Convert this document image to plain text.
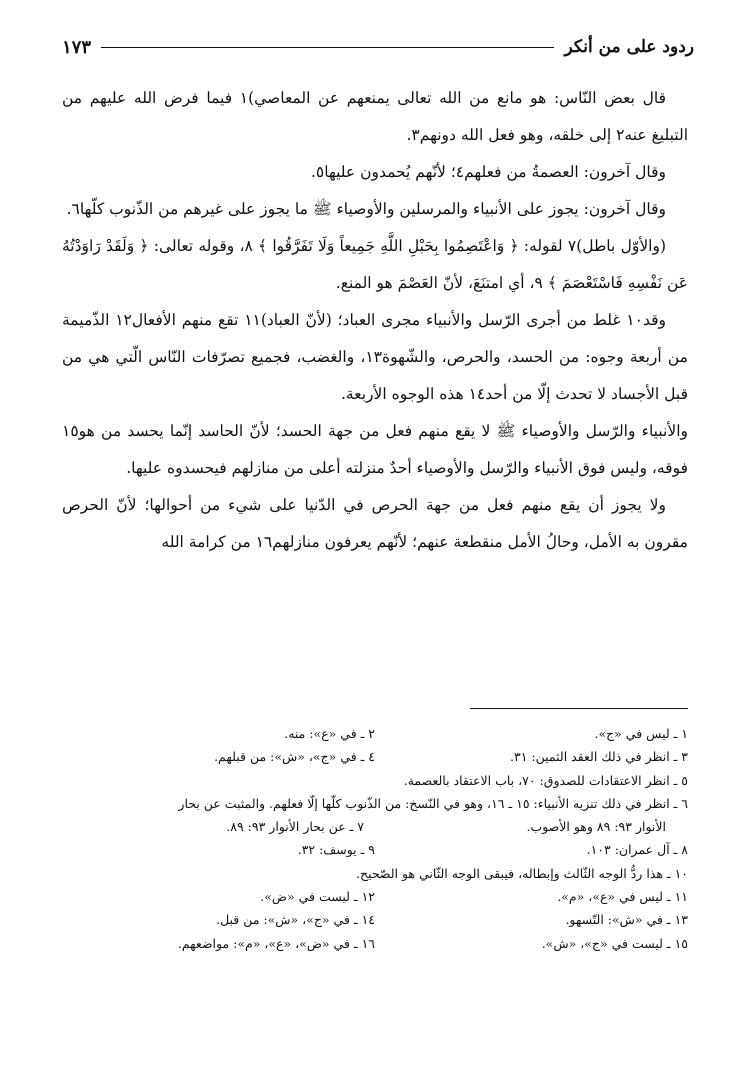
ردود على من أنكر
١٧٣

قال بعض النّاس: هو مانع من الله تعالى يمنعهم عن المعاصي)١ فيما فرض الله عليهم من التبليغ عنه٢ إلى خلقه، وهو فعل الله دونهم٣.

وقال آخرون: العصمةُ من فعلهم٤؛ لأنّهم يُحمدون عليها٥.

وقال آخرون: يجوز على الأنبياء والمرسلين والأوصياء ﷺ ما يجوز على غيرهم من الذّنوب كلّها٦.

(والأوّل باطل)٧ لقوله: ﴿ وَاعْتَصِمُوا بِحَبْلِ اللَّهِ جَمِيعاً وَلَا تَفَرَّقُوا ﴾ ٨، وقوله تعالى: ﴿ وَلَقَدْ رَاوَدْتُهُ عَن نَفْسِهِ فَاسْتَعْصَمَ ﴾ ٩، أي امتنَعَ، لأنّ العَصْمَ هو المنع.

وقد١٠ غلط من أجرى الرّسل والأنبياء مجرى العباد؛ (لأنّ العباد)١١ تقع منهم الأفعال١٢ الذّميمة من أربعة وجوه: من الحسد، والحرص، والشّهوة١٣، والغضب، فجميع تصرّفات النّاس الّتي هي من قبل الأجساد لا تحدث إلّا من أحد١٤ هذه الوجوه الأربعة.

والأنبياء والرّسل والأوصياء ﷺ لا يقع منهم فعل من جهة الحسد؛ لأنّ الحاسد إنّما يحسد من هو١٥ فوقه، وليس فوق الأنبياء والرّسل والأوصياء أحدٌ منزلته أعلى من منازلهم فيحسدوه عليها.

ولا يجوز أن يقع منهم فعل من جهة الحرص في الدّنيا على شيء من أحوالها؛ لأنّ الحرص مقرون به الأمل، وحالُ الأمل منقطعة عنهم؛ لأنّهم يعرفون منازلهم١٦ من كرامة الله

١ ـ ليس في «ج».
٢ ـ في «ع»: منه.
٣ ـ انظر في ذلك العقد الثمين: ٣١.
٤ ـ في «ج»، «ش»: من قبلهم.
٥ ـ انظر الاعتقادات للصدوق: ٧٠، باب الاعتقاد بالعصمة.
٦ ـ انظر في ذلك تنزيه الأنبياء: ١٥ ـ ١٦، وهو في النّسخ: من الذّنوب كلّها إلّا فعلهم. والمثبت عن بحار
الأنوار ٩٣: ٨٩ وهو الأصوب.
٧ ـ عن بحار الأنوار ٩٣: ٨٩.
٨ ـ آل عمران: ١٠٣.
٩ ـ يوسف: ٣٢.
١٠ ـ هذا ردُّ الوجه الثّالث وإبطاله، فيبقى الوجه الثّاني هو الصّحيح.
١١ ـ ليس في «ع»، «م».
١٢ ـ ليست في «ض».
١٣ ـ في «ش»: التّسهو.
١٤ ـ في «ج»، «ش»: من قبل.
١٥ ـ ليست في «ج»، «ش».
١٦ ـ في «ض»، «ع»، «م»: مواضعهم.
